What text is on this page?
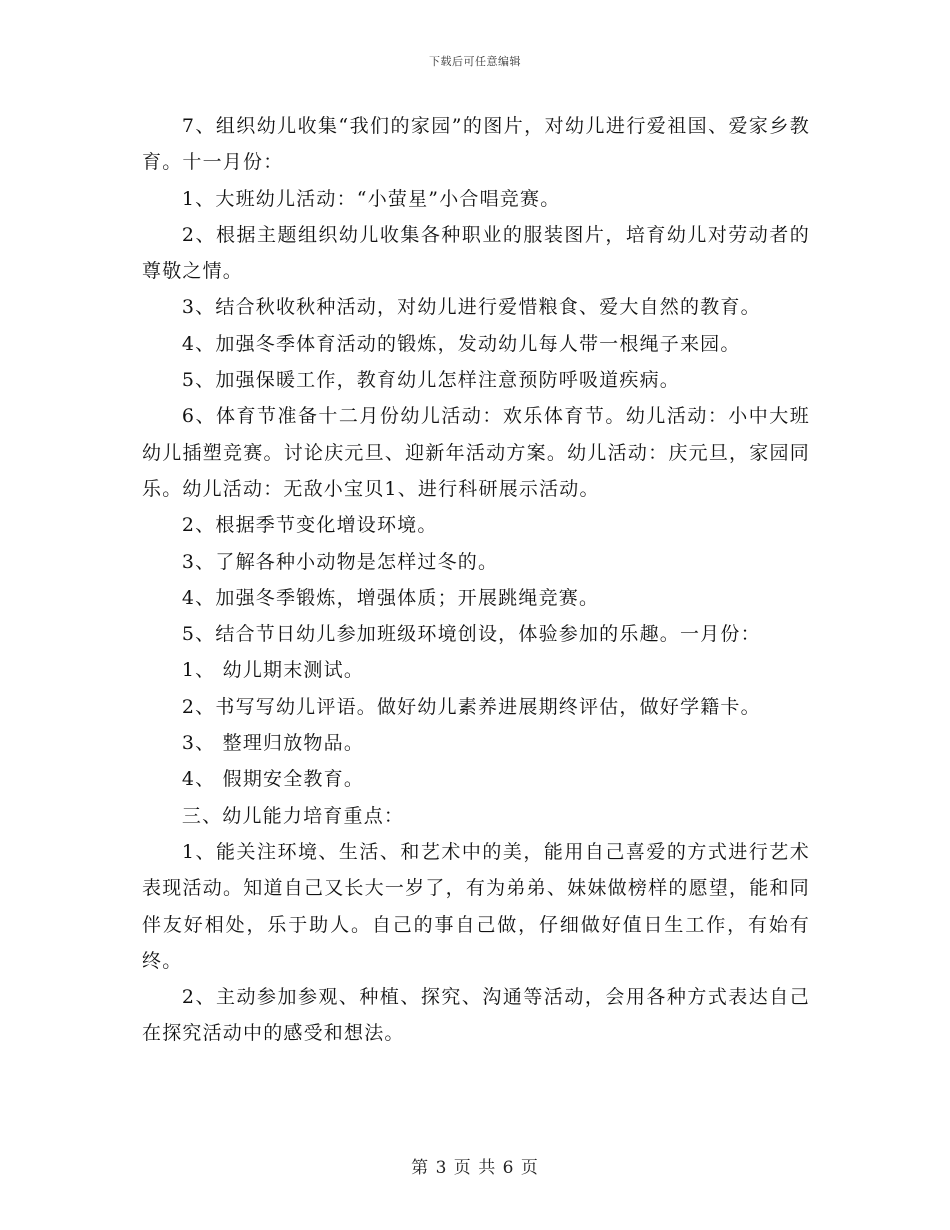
下载后可任意编辑

7、组织幼儿收集“我们的家园”的图片，对幼儿进行爱祖国、爱家乡教育。十一月份：

1、大班幼儿活动：“小萤星”小合唱竞赛。

2、根据主题组织幼儿收集各种职业的服装图片，培育幼儿对劳动者的尊敬之情。

3、结合秋收秋种活动，对幼儿进行爱惜粮食、爱大自然的教育。

4、加强冬季体育活动的锻炼，发动幼儿每人带一根绳子来园。

5、加强保暖工作，教育幼儿怎样注意预防呼吸道疾病。

6、体育节准备十二月份幼儿活动：欢乐体育节。幼儿活动：小中大班幼儿插塑竞赛。讨论庆元旦、迎新年活动方案。幼儿活动：庆元旦，家园同乐。幼儿活动：无敌小宝贝1、进行科研展示活动。

2、根据季节变化增设环境。

3、了解各种小动物是怎样过冬的。

4、加强冬季锻炼，增强体质；开展跳绳竞赛。

5、结合节日幼儿参加班级环境创设，体验参加的乐趣。一月份：

1、 幼儿期末测试。

2、书写写幼儿评语。做好幼儿素养进展期终评估，做好学籍卡。

3、 整理归放物品。

4、 假期安全教育。

三、幼儿能力培育重点：

1、能关注环境、生活、和艺术中的美，能用自己喜爱的方式进行艺术表现活动。知道自己又长大一岁了，有为弟弟、妹妹做榜样的愿望，能和同伴友好相处，乐于助人。自己的事自己做，仔细做好值日生工作，有始有终。

2、主动参加参观、种植、探究、沟通等活动，会用各种方式表达自己在探究活动中的感受和想法。

第 3 页 共 6 页
